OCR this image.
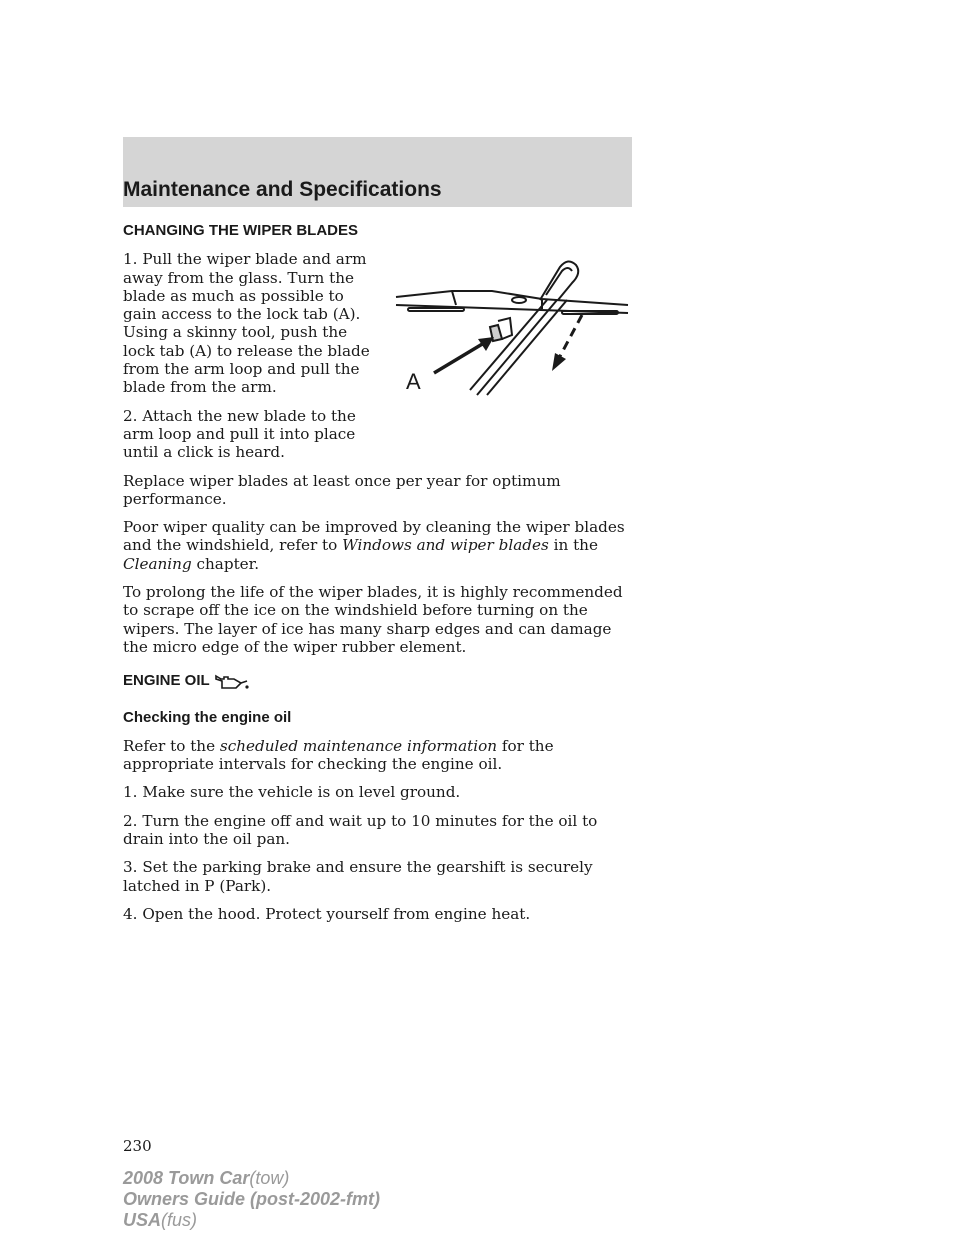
Maintenance and Specifications
A
CHANGING THE WIPER BLADES

1. Pull the wiper blade and arm away from the glass. Turn the blade as much as possible to gain access to the lock tab (A). Using a skinny tool, push the lock tab (A) to release the blade from the arm loop and pull the blade from the arm.

2. Attach the new blade to the arm loop and pull it into place until a click is heard.

Replace wiper blades at least once per year for optimum performance.

Poor wiper quality can be improved by cleaning the wiper blades and the windshield, refer to Windows and wiper blades in the Cleaning chapter.

To prolong the life of the wiper blades, it is highly recommended to scrape off the ice on the windshield before turning on the wipers. The layer of ice has many sharp edges and can damage the micro edge of the wiper rubber element.

ENGINE OIL
Checking the engine oil

Refer to the scheduled maintenance information for the appropriate intervals for checking the engine oil.

1. Make sure the vehicle is on level ground.

2. Turn the engine off and wait up to 10 minutes for the oil to drain into the oil pan.

3. Set the parking brake and ensure the gearshift is securely latched in P (Park).

4. Open the hood. Protect yourself from engine heat.

230
2008 Town Car(tow)
Owners Guide (post-2002-fmt)
USA(fus)
